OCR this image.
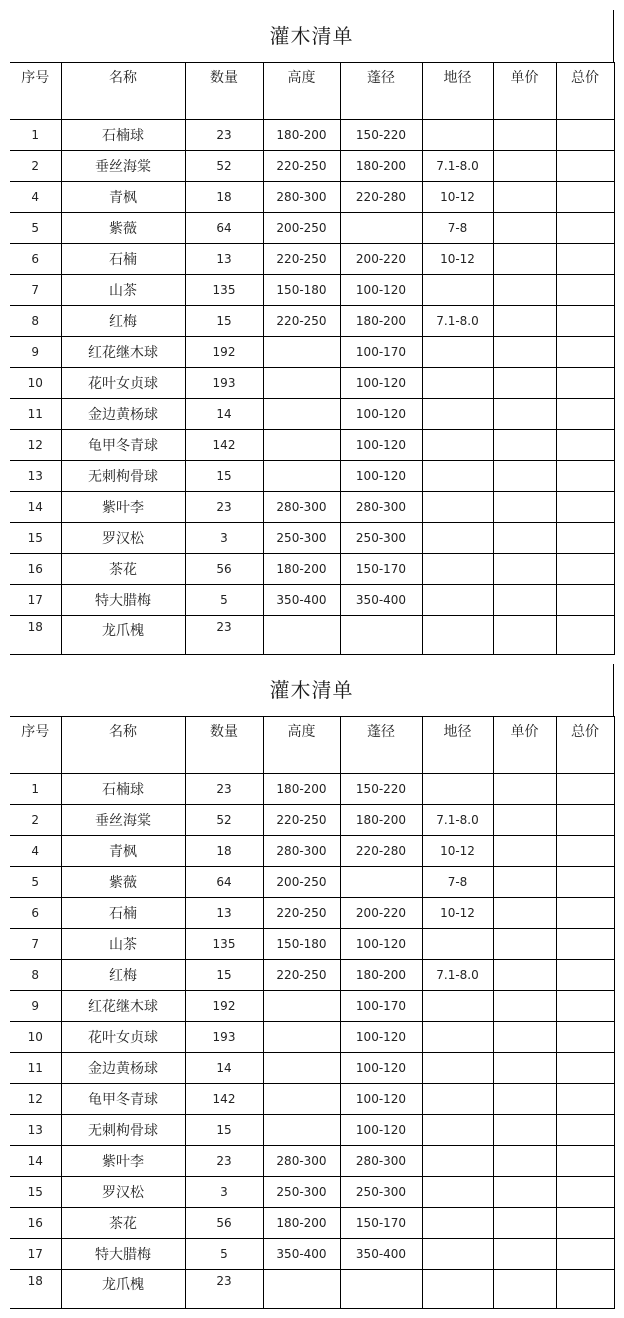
灌木清单
序号	名称	数量	高度	蓬径	地径	单价	总价
1	石楠球	23	180-200	150-220			
2	垂丝海棠	52	220-250	180-200	7.1-8.0		
4	青枫	18	280-300	220-280	10-12		
5	紫薇	64	200-250		7-8		
6	石楠	13	220-250	200-220	10-12		
7	山茶	135	150-180	100-120			
8	红梅	15	220-250	180-200	7.1-8.0		
9	红花继木球	192		100-170			
10	花叶女贞球	193		100-120			
11	金边黄杨球	14		100-120			
12	龟甲冬青球	142		100-120			
13	无刺枸骨球	15		100-120			
14	紫叶李	23	280-300	280-300			
15	罗汉松	3	250-300	250-300			
16	茶花	56	180-200	150-170			
17	特大腊梅	5	350-400	350-400			
18	龙爪槐	23					
灌木清单
序号	名称	数量	高度	蓬径	地径	单价	总价
1	石楠球	23	180-200	150-220			
2	垂丝海棠	52	220-250	180-200	7.1-8.0		
4	青枫	18	280-300	220-280	10-12		
5	紫薇	64	200-250		7-8		
6	石楠	13	220-250	200-220	10-12		
7	山茶	135	150-180	100-120			
8	红梅	15	220-250	180-200	7.1-8.0		
9	红花继木球	192		100-170			
10	花叶女贞球	193		100-120			
11	金边黄杨球	14		100-120			
12	龟甲冬青球	142		100-120			
13	无刺枸骨球	15		100-120			
14	紫叶李	23	280-300	280-300			
15	罗汉松	3	250-300	250-300			
16	茶花	56	180-200	150-170			
17	特大腊梅	5	350-400	350-400			
18	龙爪槐	23					
